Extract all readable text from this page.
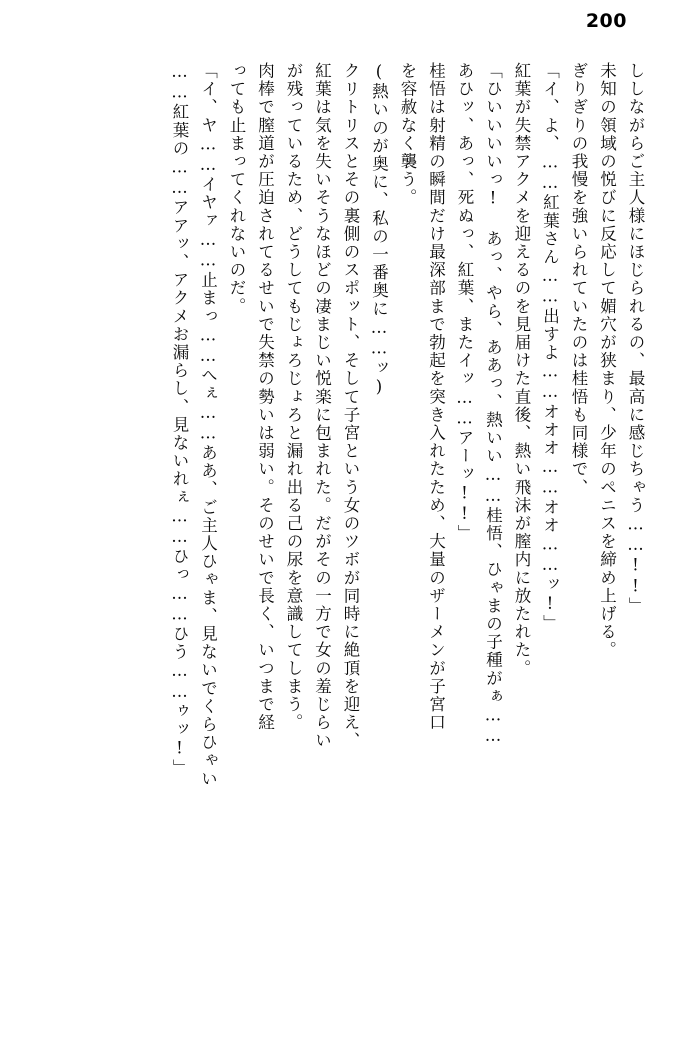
200
ししながらご主人様にほじられるの、最高に感じちゃう……!!」
未知の領域の悦びに反応して媚穴が狭まり、少年のペニスを締め上げる。
ぎりぎりの我慢を強いられていたのは桂悟も同様で、
「イ、よ、……紅葉さん……出すよ……オオオ……オオ……ッ!」
紅葉が失禁アクメを迎えるのを見届けた直後、熱い飛沫が膣内に放たれた。
「ひいいいいっ! あっ、やら、ああっ、熱いい……桂悟、ひゃまの子種がぁ……
あひッ、あっ、死ぬっ、紅葉、またイッ……アーッ!!」
桂悟は射精の瞬間だけ最深部まで勃起を突き入れたため、大量のザーメンが子宮口
を容赦なく襲う。
(熱いのが奥に、私の一番奥に……ッ)
クリトリスとその裏側のスポット、そして子宮という女のツボが同時に絶頂を迎え、
紅葉は気を失いそうなほどの凄まじい悦楽に包まれた。だがその一方で女の羞じらい
が残っているため、どうしてもじょろじょろと漏れ出る己の尿を意識してしまう。
肉棒で膣道が圧迫されてるせいで失禁の勢いは弱い。そのせいで長く、いつまで経
っても止まってくれないのだ。
「イ、ヤ……イヤァ……止まっ……へぇ……ああ、ご主人ひゃま、見ないでくらひゃい
……紅葉の……アアッ、アクメお漏らし、見ないれぇ……ひっ……ひう……ゥッ!」
